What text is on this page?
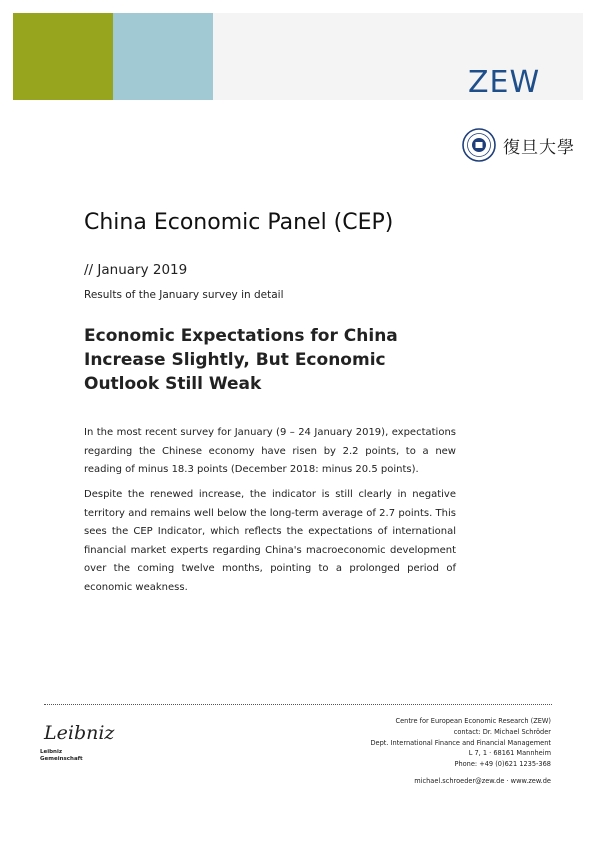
ZEW
復旦大學
China Economic Panel (CEP)
// January 2019
Results of the January survey in detail
Economic Expectations for China Increase Slightly, But Economic Outlook Still Weak
In the most recent survey for January (9 – 24 January 2019), expectations regarding the Chinese economy have risen by 2.2 points, to a new reading of minus 18.3 points (December 2018: minus 20.5 points).
Despite the renewed increase, the indicator is still clearly in negative territory and remains well below the long-term average of 2.7 points. This sees the CEP Indicator, which reflects the expectations of international financial market experts regarding China's macroeconomic development over the coming twelve months, pointing to a prolonged period of economic weakness.
Leibniz
Leibniz
Gemeinschaft
Centre for European Economic Research (ZEW)
contact: Dr. Michael Schröder
Dept. International Finance and Financial Management
L 7, 1 · 68161 Mannheim
Phone: +49 (0)621 1235-368
michael.schroeder@zew.de · www.zew.de
